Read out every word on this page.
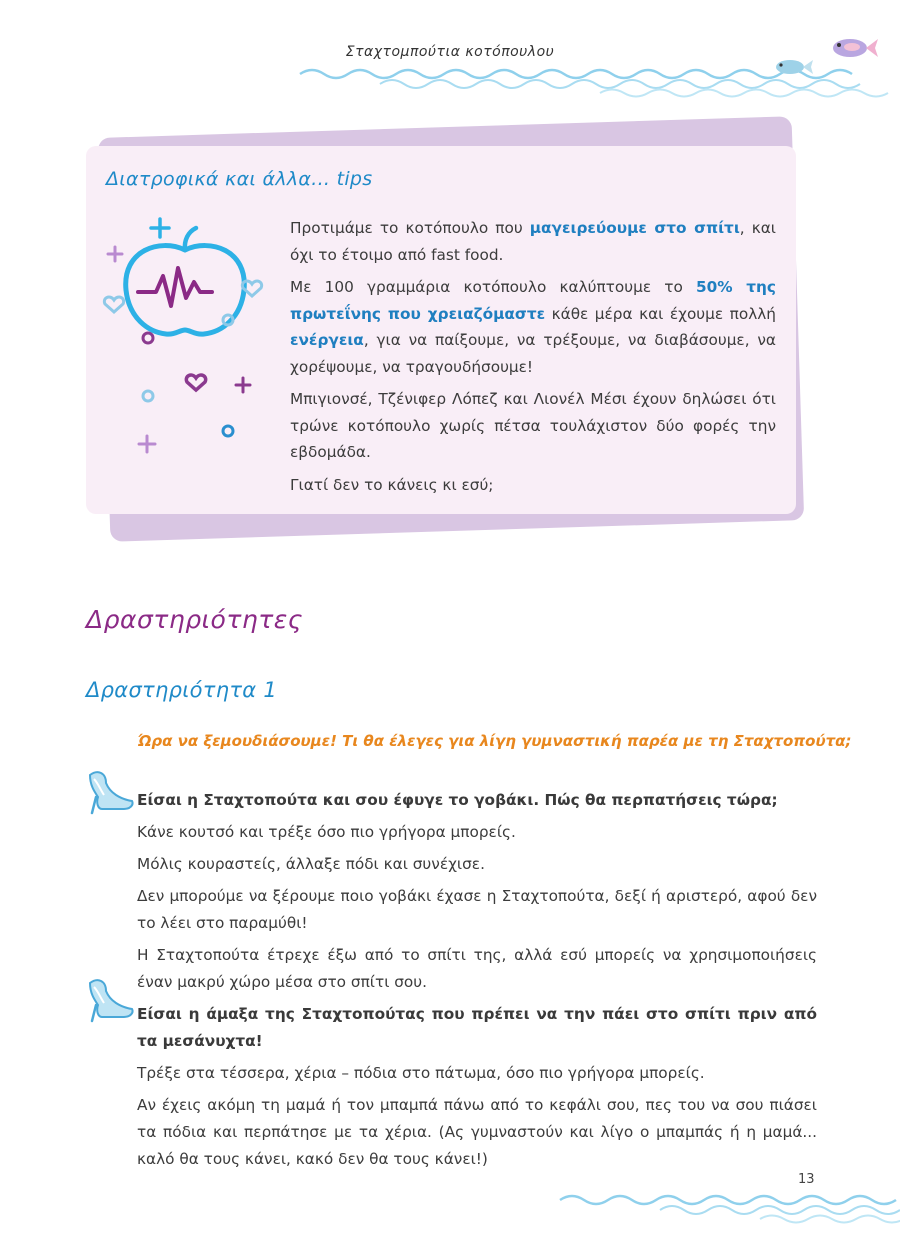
Σταχτομπούτια κοτόπουλου
Διατροφικά και άλλα... tips

Προτιμάμε το κοτόπουλο που μαγειρεύουμε στο σπίτι, και όχι το έτοιμο από fast food.

Με 100 γραμμάρια κοτόπουλο καλύπτουμε το 50% της πρωτεΐνης που χρειαζόμαστε κάθε μέρα και έχουμε πολλή ενέργεια, για να παίξουμε, να τρέξουμε, να διαβάσουμε, να χορέψουμε, να τραγουδήσουμε!

Μπιγιονσέ, Τζένιφερ Λόπεζ και Λιονέλ Μέσι έχουν δηλώσει ότι τρώνε κοτόπουλο χωρίς πέτσα τουλάχιστον δύο φορές την εβδομάδα.

Γιατί δεν το κάνεις κι εσύ;

Δραστηριότητες
Δραστηριότητα 1
Ώρα να ξεμουδιάσουμε! Τι θα έλεγες για λίγη γυμναστική παρέα με τη Σταχτοπούτα;

Είσαι η Σταχτοπούτα και σου έφυγε το γοβάκι. Πώς θα περπατήσεις τώρα;

Κάνε κουτσό και τρέξε όσο πιο γρήγορα μπορείς.

Μόλις κουραστείς, άλλαξε πόδι και συνέχισε.

Δεν μπορούμε να ξέρουμε ποιο γοβάκι έχασε η Σταχτοπούτα, δεξί ή αριστερό, αφού δεν το λέει στο παραμύθι!

Η Σταχτοπούτα έτρεχε έξω από το σπίτι της, αλλά εσύ μπορείς να χρησιμοποιήσεις έναν μακρύ χώρο μέσα στο σπίτι σου.

Είσαι η άμαξα της Σταχτοπούτας που πρέπει να την πάει στο σπίτι πριν από τα μεσάνυχτα!

Τρέξε στα τέσσερα, χέρια – πόδια στο πάτωμα, όσο πιο γρήγορα μπορείς.

Αν έχεις ακόμη τη μαμά ή τον μπαμπά πάνω από το κεφάλι σου, πες του να σου πιάσει τα πόδια και περπάτησε με τα χέρια. (Ας γυμναστούν και λίγο ο μπαμπάς ή η μαμά... καλό θα τους κάνει, κακό δεν θα τους κάνει!)

13
